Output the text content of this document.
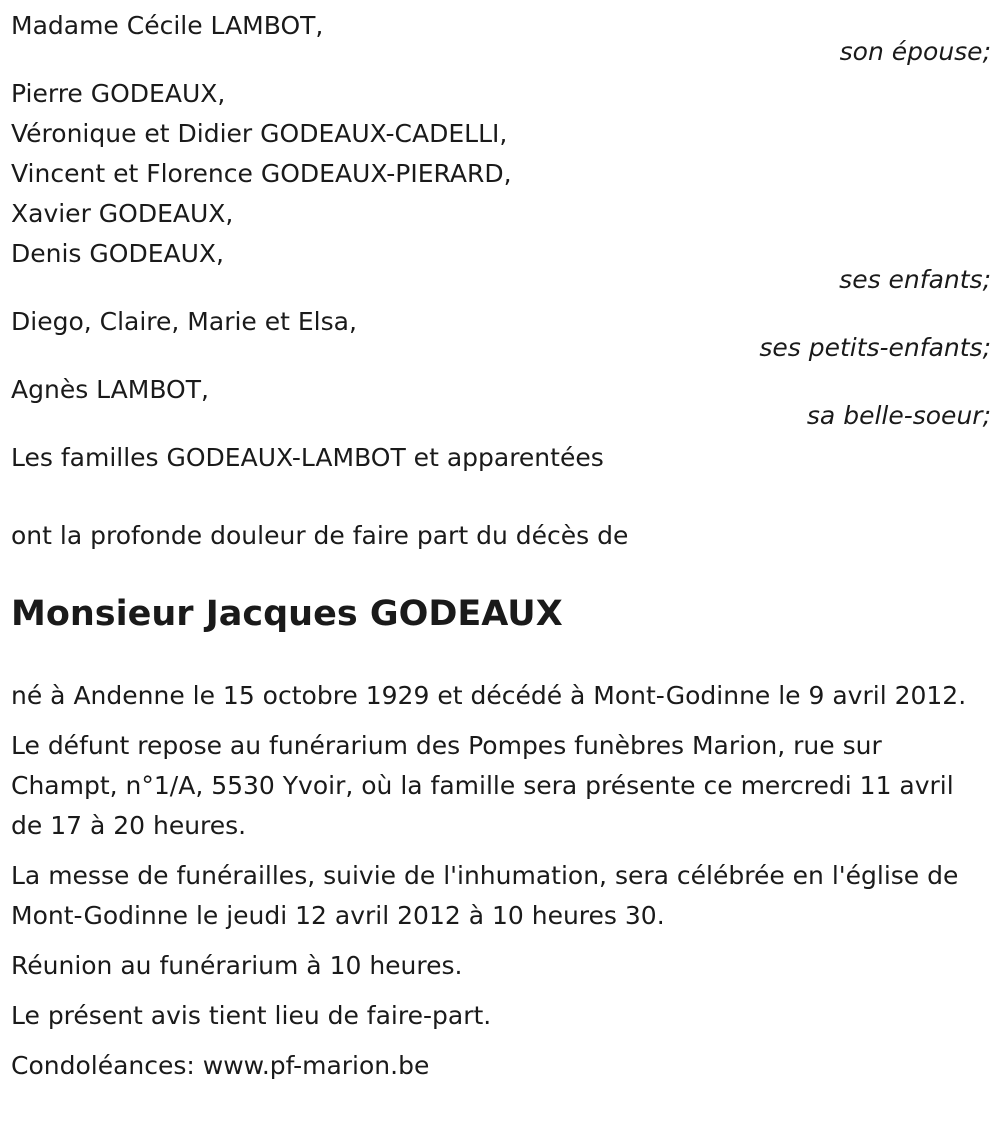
Madame Cécile LAMBOT,
son épouse;
Pierre GODEAUX,
Véronique et Didier GODEAUX-CADELLI,
Vincent et Florence GODEAUX-PIERARD,
Xavier GODEAUX,
Denis GODEAUX,
ses enfants;
Diego, Claire, Marie et Elsa,
ses petits-enfants;
Agnès LAMBOT,
sa belle-soeur;
Les familles GODEAUX-LAMBOT et apparentées
ont la profonde douleur de faire part du décès de
Monsieur Jacques GODEAUX

né à Andenne le 15 octobre 1929 et décédé à Mont-Godinne le 9 avril 2012.

Le défunt repose au funérarium des Pompes funèbres Marion, rue sur Champt, n°1/A, 5530 Yvoir, où la famille sera présente ce mercredi 11 avril de 17 à 20 heures.

La messe de funérailles, suivie de l'inhumation, sera célébrée en l'église de Mont-Godinne le jeudi 12 avril 2012 à 10 heures 30.

Réunion au funérarium à 10 heures.

Le présent avis tient lieu de faire-part.

Condoléances: www.pf-marion.be
